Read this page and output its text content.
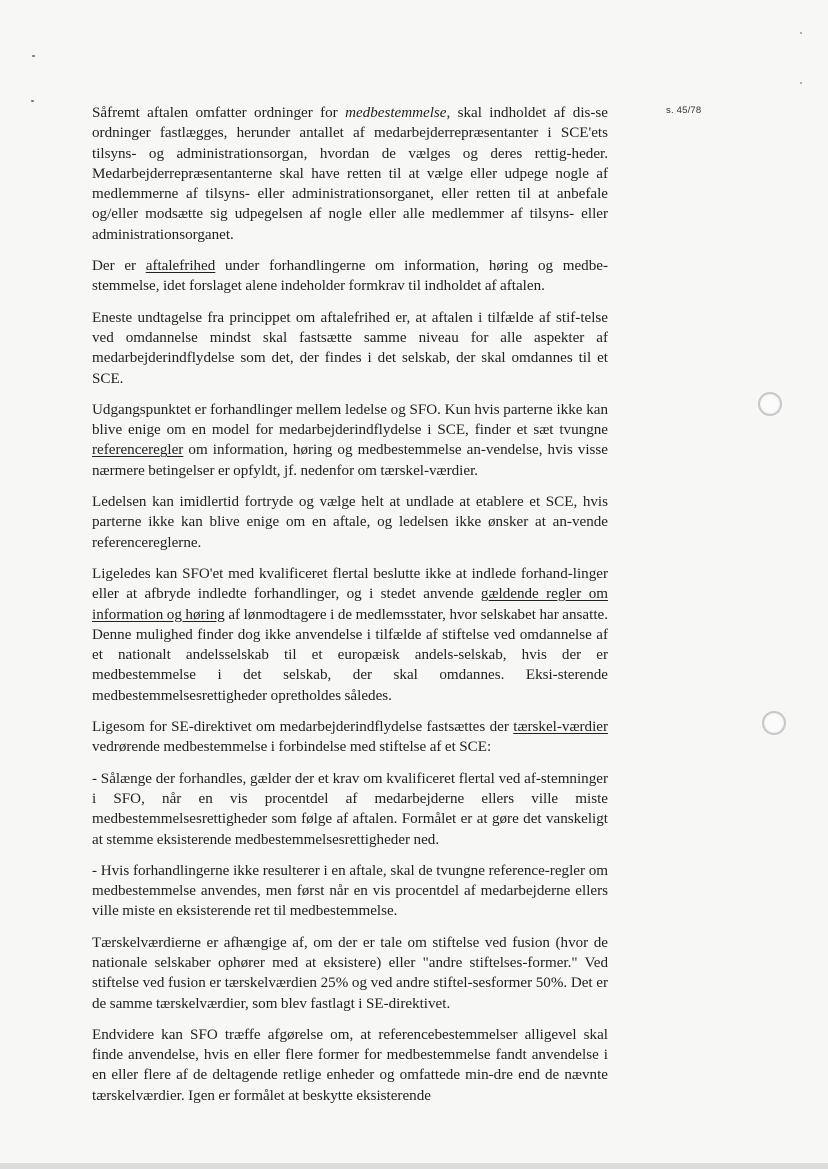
s. 45/78

Såfremt aftalen omfatter ordninger for medbestemmelse, skal indholdet af dis-se ordninger fastlægges, herunder antallet af medarbejderrepræsentanter i SCE'ets tilsyns- og administrationsorgan, hvordan de vælges og deres rettig-heder. Medarbejderrepræsentanterne skal have retten til at vælge eller udpege nogle af medlemmerne af tilsyns- eller administrationsorganet, eller retten til at anbefale og/eller modsætte sig udpegelsen af nogle eller alle medlemmer af tilsyns- eller administrationsorganet.

Der er aftalefrihed under forhandlingerne om information, høring og medbe-stemmelse, idet forslaget alene indeholder formkrav til indholdet af aftalen.

Eneste undtagelse fra princippet om aftalefrihed er, at aftalen i tilfælde af stif-telse ved omdannelse mindst skal fastsætte samme niveau for alle aspekter af medarbejderindflydelse som det, der findes i det selskab, der skal omdannes til et SCE.

Udgangspunktet er forhandlinger mellem ledelse og SFO. Kun hvis parterne ikke kan blive enige om en model for medarbejderindflydelse i SCE, finder et sæt tvungne referenceregler om information, høring og medbestemmelse an-vendelse, hvis visse nærmere betingelser er opfyldt, jf. nedenfor om tærskel-værdier.

Ledelsen kan imidlertid fortryde og vælge helt at undlade at etablere et SCE, hvis parterne ikke kan blive enige om en aftale, og ledelsen ikke ønsker at an-vende referencereglerne.

Ligeledes kan SFO'et med kvalificeret flertal beslutte ikke at indlede forhand-linger eller at afbryde indledte forhandlinger, og i stedet anvende gældende regler om information og høring af lønmodtagere i de medlemsstater, hvor selskabet har ansatte. Denne mulighed finder dog ikke anvendelse i tilfælde af stiftelse ved omdannelse af et nationalt andelsselskab til et europæisk andels-selskab, hvis der er medbestemmelse i det selskab, der skal omdannes. Eksi-sterende medbestemmelsesrettigheder opretholdes således.

Ligesom for SE-direktivet om medarbejderindflydelse fastsættes der tærskel-værdier vedrørende medbestemmelse i forbindelse med stiftelse af et SCE:

- Sålænge der forhandles, gælder der et krav om kvalificeret flertal ved af-stemninger i SFO, når en vis procentdel af medarbejderne ellers ville miste medbestemmelsesrettigheder som følge af aftalen. Formålet er at gøre det vanskeligt at stemme eksisterende medbestemmelsesrettigheder ned.

- Hvis forhandlingerne ikke resulterer i en aftale, skal de tvungne reference-regler om medbestemmelse anvendes, men først når en vis procentdel af medarbejderne ellers ville miste en eksisterende ret til medbestemmelse.

Tærskelværdierne er afhængige af, om der er tale om stiftelse ved fusion (hvor de nationale selskaber ophører med at eksistere) eller "andre stiftelses-former." Ved stiftelse ved fusion er tærskelværdien 25% og ved andre stiftel-sesformer 50%. Det er de samme tærskelværdier, som blev fastlagt i SE-direktivet.

Endvidere kan SFO træffe afgørelse om, at referencebestemmelser alligevel skal finde anvendelse, hvis en eller flere former for medbestemmelse fandt anvendelse i en eller flere af de deltagende retlige enheder og omfattede min-dre end de nævnte tærskelværdier. Igen er formålet at beskytte eksisterende
